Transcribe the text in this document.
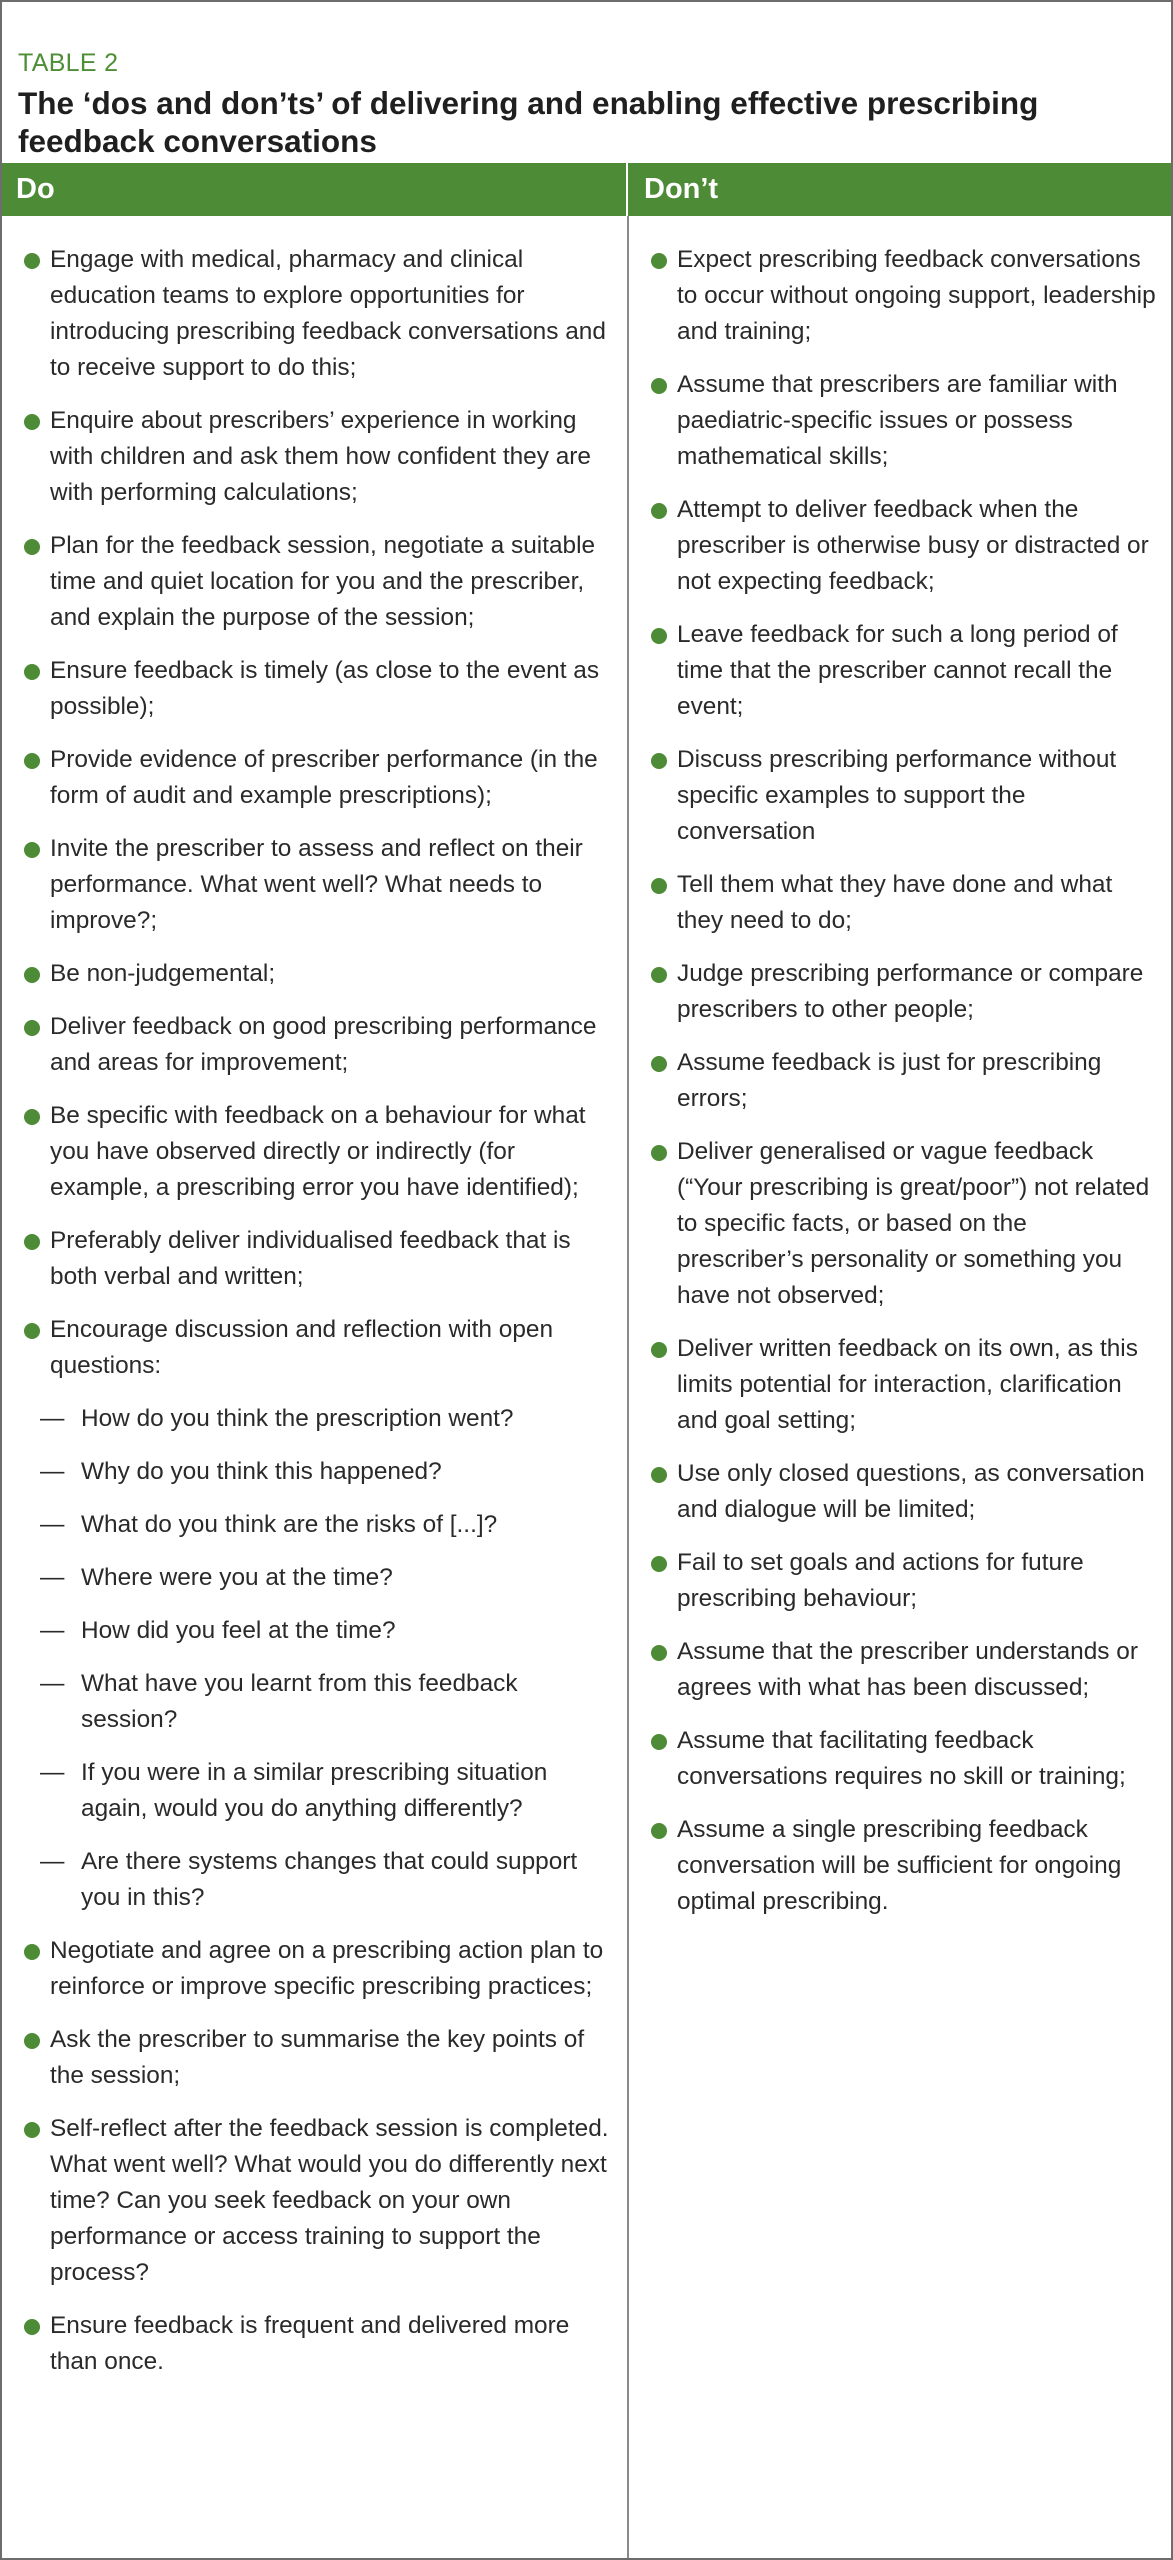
TABLE 2
The ‘dos and don’ts’ of delivering and enabling effective prescribing feedback conversations
Do	Don’t
Engage with medical, pharmacy and clinical education teams to explore opportunities for introducing prescribing feedback conversations and to receive support to do this;
Enquire about prescribers’ experience in working with children and ask them how confident they are with performing calculations;
Plan for the feedback session, negotiate a suitable time and quiet location for you and the prescriber, and explain the purpose of the session;
Ensure feedback is timely (as close to the event as possible);
Provide evidence of prescriber performance (in the form of audit and example prescriptions);
Invite the prescriber to assess and reflect on their performance. What went well? What needs to improve?;
Be non-judgemental;
Deliver feedback on good prescribing performance and areas for improvement;
Be specific with feedback on a behaviour for what you have observed directly or indirectly (for example, a prescribing error you have identified);
Preferably deliver individualised feedback that is both verbal and written;
Encourage discussion and reflection with open questions:
— How do you think the prescription went?
— Why do you think this happened?
— What do you think are the risks of [...]?
— Where were you at the time?
— How did you feel at the time?
— What have you learnt from this feedback session?
— If you were in a similar prescribing situation again, would you do anything differently?
— Are there systems changes that could support you in this?
Negotiate and agree on a prescribing action plan to reinforce or improve specific prescribing practices;
Ask the prescriber to summarise the key points of the session;
Self-reflect after the feedback session is completed. What went well? What would you do differently next time? Can you seek feedback on your own performance or access training to support the process?
Ensure feedback is frequent and delivered more than once.
Expect prescribing feedback conversations to occur without ongoing support, leadership and training;
Assume that prescribers are familiar with paediatric-specific issues or possess mathematical skills;
Attempt to deliver feedback when the prescriber is otherwise busy or distracted or not expecting feedback;
Leave feedback for such a long period of time that the prescriber cannot recall the event;
Discuss prescribing performance without specific examples to support the conversation
Tell them what they have done and what they need to do;
Judge prescribing performance or compare prescribers to other people;
Assume feedback is just for prescribing errors;
Deliver generalised or vague feedback (“Your prescribing is great/poor”) not related to specific facts, or based on the prescriber’s personality or something you have not observed;
Deliver written feedback on its own, as this limits potential for interaction, clarification and goal setting;
Use only closed questions, as conversation and dialogue will be limited;
Fail to set goals and actions for future prescribing behaviour;
Assume that the prescriber understands or agrees with what has been discussed;
Assume that facilitating feedback conversations requires no skill or training;
Assume a single prescribing feedback conversation will be sufficient for ongoing optimal prescribing.
